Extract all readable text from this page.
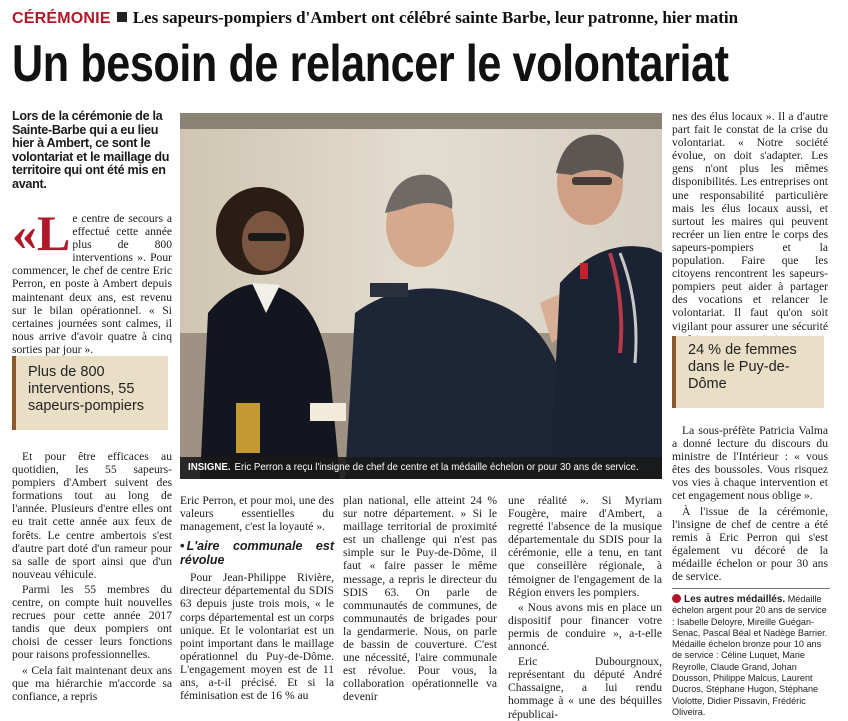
CÉRÉMONIE Les sapeurs-pompiers d'Ambert ont célébré sainte Barbe, leur patronne, hier matin
Un besoin de relancer le volontariat
Lors de la cérémonie de la Sainte-Barbe qui a eu lieu hier à Ambert, ce sont le volontariat et le maillage du territoire qui ont été mis en avant.
«L e centre de secours a effectué cette année plus de 800 interventions ». Pour commencer, le chef de centre Eric Perron, en poste à Ambert depuis maintenant deux ans, est revenu sur le bilan opérationnel. « Si certaines journées sont calmes, il nous arrive d'avoir quatre à cinq sorties par jour ».
Plus de 800 interventions, 55 sapeurs-pompiers

Et pour être efficaces au quotidien, les 55 sapeurs-pompiers d'Ambert suivent des formations tout au long de l'année. Plusieurs d'entre elles ont eu trait cette année aux feux de forêts. Le centre ambertois s'est d'autre part doté d'un rameur pour sa salle de sport ainsi que d'un nouveau véhicule.

Parmi les 55 membres du centre, on compte huit nouvelles recrues pour cette année 2017 tandis que deux pompiers ont choisi de cesser leurs fonctions pour raisons professionnelles.

« Cela fait maintenant deux ans que ma hiérarchie m'accorde sa confiance, a repris

INSIGNE. Eric Perron a reçu l'insigne de chef de centre et la médaille échelon or pour 30 ans de service.

Eric Perron, et pour moi, une des valeurs essentielles du management, c'est la loyauté ».

• L'aire communale est révolue

Pour Jean-Philippe Rivière, directeur départemental du SDIS 63 depuis juste trois mois, « le corps départemental est un corps unique. Et le volontariat est un point important dans le maillage opérationnel du Puy-de-Dôme. L'engagement moyen est de 11 ans, a-t-il précisé. Et si la féminisation est de 16 % au

plan national, elle atteint 24 % sur notre département. » Si le maillage territorial de proximité est un challenge qui n'est pas simple sur le Puy-de-Dôme, il faut « faire passer le même message, a repris le directeur du SDIS 63. On parle de communautés de communes, de communautés de brigades pour la gendarmerie. Nous, on parle de bassin de couverture. C'est une nécessité, l'aire communale est révolue. Pour vous, la collaboration opérationnelle va devenir

une réalité ». Si Myriam Fougère, maire d'Ambert, a regretté l'absence de la musique départementale du SDIS pour la cérémonie, elle a tenu, en tant que conseillère régionale, à témoigner de l'engagement de la Région envers les pompiers.

« Nous avons mis en place un dispositif pour financer votre permis de conduire », a-t-elle annoncé.

Eric Dubourgnoux, représentant du député André Chassaigne, a lui rendu hommage à « une des béquilles républicai-

nes des élus locaux ». Il a d'autre part fait le constat de la crise du volontariat. « Notre société évolue, on doit s'adapter. Les gens n'ont plus les mêmes disponibilités. Les entreprises ont une responsabilité particulière mais les élus locaux aussi, et surtout les maires qui peuvent recréer un lien entre le corps des sapeurs-pompiers et la population. Faire que les citoyens rencontrent les sapeurs-pompiers peut aider à partager des vocations et relancer le volontariat. Il faut qu'on soit vigilant pour assurer une sécurité

24 % de femmes dans le Puy-de-Dôme

La sous-préfète Patricia Valma a donné lecture du discours du ministre de l'Intérieur : « vous êtes des boussoles. Vous risquez vos vies à chaque intervention et cet engagement nous oblige ».

À l'issue de la cérémonie, l'insigne de chef de centre a été remis à Eric Perron qui s'est également vu décoré de la médaille échelon or pour 30 ans de service.

Les autres médaillés. Médaille échelon argent pour 20 ans de service : Isabelle Deloyre, Mireille Guégan-Senac, Pascal Béal et Nadège Barrier. Médaille échelon bronze pour 10 ans de service : Céline Luquet, Marie Reyrolle, Claude Grand, Johan Dousson, Philippe Malcus, Laurent Ducros, Stéphane Hugon, Stéphane Violotte, Didier Pissavin, Frédéric Oliveira.
